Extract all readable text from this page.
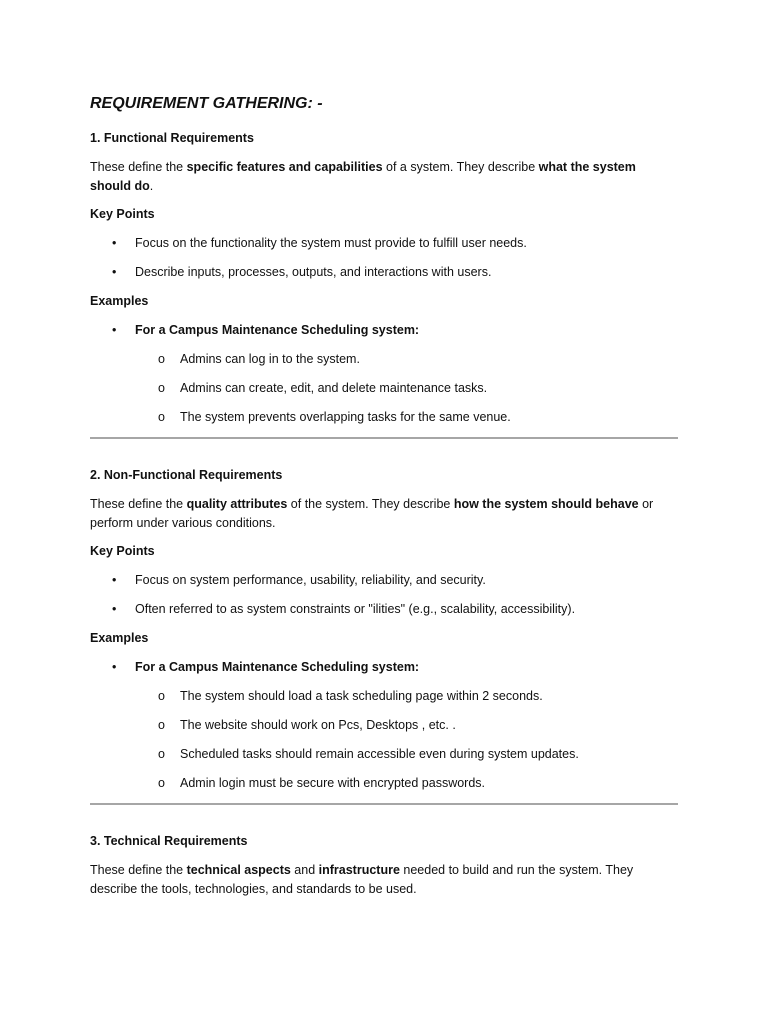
REQUIREMENT GATHERING: -
1. Functional Requirements

These define the specific features and capabilities of a system. They describe what the system should do.

Key Points
• Focus on the functionality the system must provide to fulfill user needs.
• Describe inputs, processes, outputs, and interactions with users.
Examples
• For a Campus Maintenance Scheduling system:
o Admins can log in to the system.
o Admins can create, edit, and delete maintenance tasks.
o The system prevents overlapping tasks for the same venue.
2. Non-Functional Requirements

These define the quality attributes of the system. They describe how the system should behave or perform under various conditions.

Key Points
• Focus on system performance, usability, reliability, and security.
• Often referred to as system constraints or "ilities" (e.g., scalability, accessibility).
Examples
• For a Campus Maintenance Scheduling system:
o The system should load a task scheduling page within 2 seconds.
o The website should work on Pcs, Desktops , etc. .
o Scheduled tasks should remain accessible even during system updates.
o Admin login must be secure with encrypted passwords.
3. Technical Requirements

These define the technical aspects and infrastructure needed to build and run the system. They describe the tools, technologies, and standards to be used.
